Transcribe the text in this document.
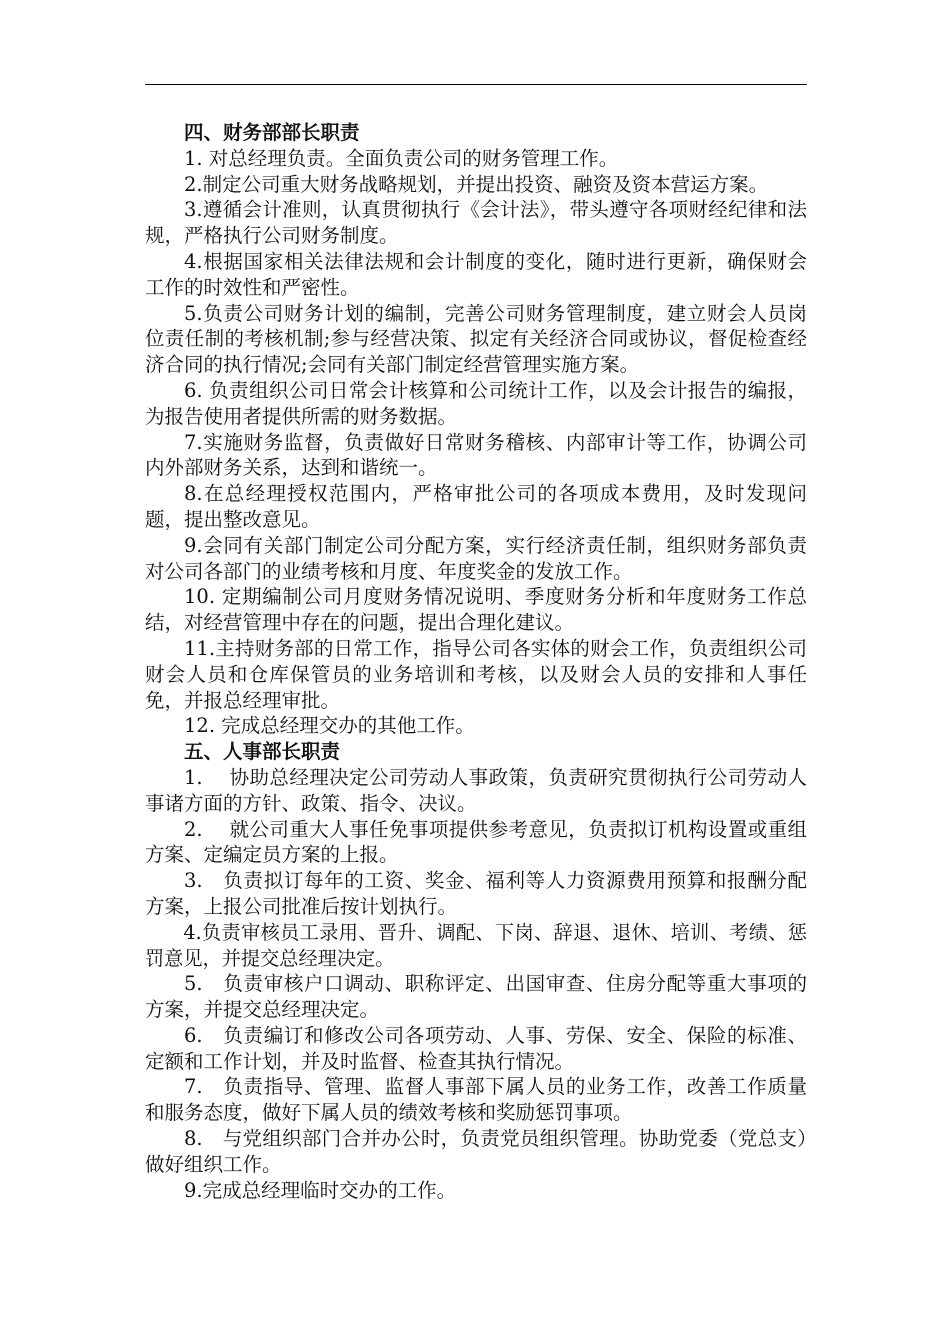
四、财务部部长职责

1. 对总经理负责。全面负责公司的财务管理工作。

2.制定公司重大财务战略规划，并提出投资、融资及资本营运方案。

3.遵循会计准则，认真贯彻执行《会计法》，带头遵守各项财经纪律和法规，严格执行公司财务制度。

4.根据国家相关法律法规和会计制度的变化，随时进行更新，确保财会工作的时效性和严密性。

5.负责公司财务计划的编制，完善公司财务管理制度，建立财会人员岗位责任制的考核机制;参与经营决策、拟定有关经济合同或协议，督促检查经济合同的执行情况;会同有关部门制定经营管理实施方案。

6. 负责组织公司日常会计核算和公司统计工作，以及会计报告的编报，为报告使用者提供所需的财务数据。

7.实施财务监督，负责做好日常财务稽核、内部审计等工作，协调公司内外部财务关系，达到和谐统一。

8.在总经理授权范围内，严格审批公司的各项成本费用，及时发现问题，提出整改意见。

9.会同有关部门制定公司分配方案，实行经济责任制，组织财务部负责对公司各部门的业绩考核和月度、年度奖金的发放工作。

10. 定期编制公司月度财务情况说明、季度财务分析和年度财务工作总结，对经营管理中存在的问题，提出合理化建议。

11.主持财务部的日常工作，指导公司各实体的财会工作，负责组织公司财会人员和仓库保管员的业务培训和考核，以及财会人员的安排和人事任免，并报总经理审批。

12. 完成总经理交办的其他工作。

五、人事部长职责

1.　 协助总经理决定公司劳动人事政策，负责研究贯彻执行公司劳动人事诸方面的方针、政策、指令、决议。

2.　 就公司重大人事任免事项提供参考意见，负责拟订机构设置或重组方案、定编定员方案的上报。

3.　负责拟订每年的工资、奖金、福利等人力资源费用预算和报酬分配方案，上报公司批准后按计划执行。

4.负责审核员工录用、晋升、调配、下岗、辞退、退休、培训、考绩、惩罚意见，并提交总经理决定。

5.　负责审核户口调动、职称评定、出国审查、住房分配等重大事项的方案，并提交总经理决定。

6.　负责编订和修改公司各项劳动、人事、劳保、安全、保险的标准、定额和工作计划，并及时监督、检查其执行情况。

7.　负责指导、管理、监督人事部下属人员的业务工作，改善工作质量和服务态度，做好下属人员的绩效考核和奖励惩罚事项。

8.　与党组织部门合并办公时，负责党员组织管理。协助党委（党总支）做好组织工作。

9.完成总经理临时交办的工作。
